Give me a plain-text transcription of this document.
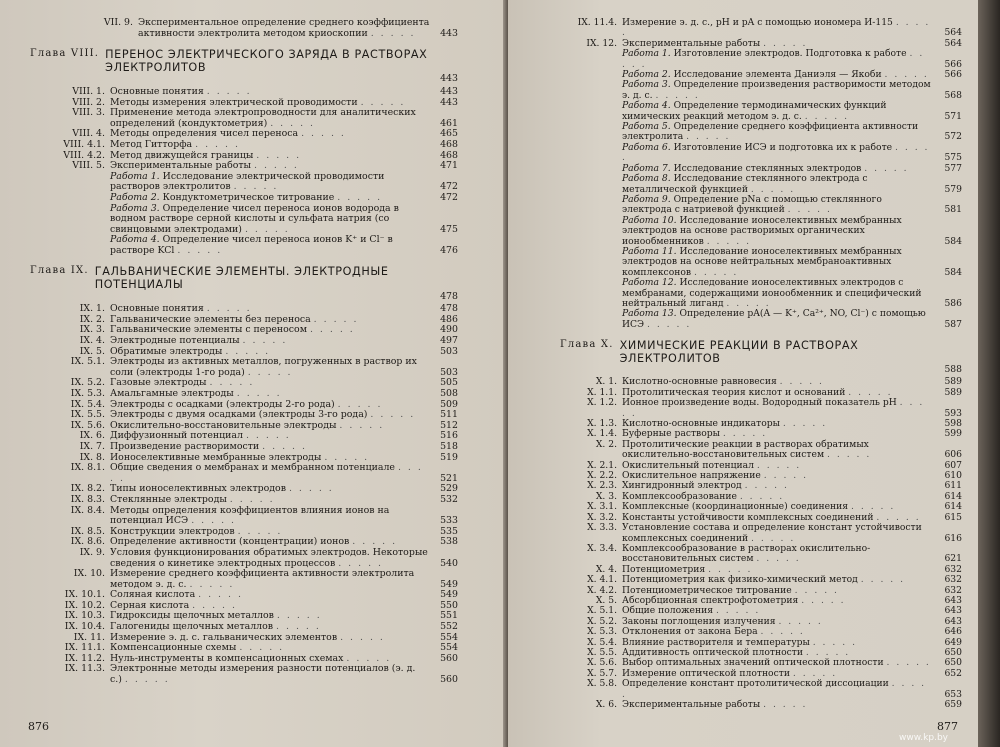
VII. 9. Экспериментальное определение среднего коэффициента активности электролита методом криоскопии . . . . .	443
Глава VIII. ПЕРЕНОС ЭЛЕКТРИЧЕСКОГО ЗАРЯДА В РАСТВОРАХ ЭЛЕКТРОЛИТОВ
443
VIII. 1. Основные понятия . . . . .	443
VIII. 2. Методы измерения электрической проводимости . . . . .	443
VIII. 3. Применение метода электропроводности для аналитических определений (кондуктометрия) . . . . .	461
VIII. 4. Методы определения чисел переноса . . . . .	465
VIII. 4.1. Метод Гитторфа . . . . .	468
VIII. 4.2. Метод движущейся границы . . . . .	468
VIII. 5. Экспериментальные работы . . . . .	471
Работа 1. Исследование электрической проводимости растворов электролитов . . . . .	472
Работа 2. Кондуктометрическое титрование . . . . .	472
Работа 3. Определение чисел переноса ионов водорода в водном растворе серной кислоты и сульфата натрия (со свинцовыми электродами) . . . . .	475
Работа 4. Определение чисел переноса ионов K⁺ и Cl⁻ в растворе KCl . . . . .	476
Глава IX. ГАЛЬВАНИЧЕСКИЕ ЭЛЕМЕНТЫ. ЭЛЕКТРОДНЫЕ ПОТЕНЦИАЛЫ
478
IX. 1. Основные понятия . . . . .	478
IX. 2. Гальванические элементы без переноса . . . . .	486
IX. 3. Гальванические элементы с переносом . . . . .	490
IX. 4. Электродные потенциалы . . . . .	497
IX. 5. Обратимые электроды . . . . .	503
IX. 5.1. Электроды из активных металлов, погруженных в раствор их соли (электроды 1-го рода) . . . . .	503
IX. 5.2. Газовые электроды . . . . .	505
IX. 5.3. Амальгамные электроды . . . . .	508
IX. 5.4. Электроды с осадками (электроды 2-го рода) . . . . .	509
IX. 5.5. Электроды с двумя осадками (электроды 3-го рода) . . . . .	511
IX. 5.6. Окислительно-восстановительные электроды . . . . .	512
IX. 6. Диффузионный потенциал . . . . .	516
IX. 7. Произведение растворимости . . . . .	518
IX. 8. Ионоселективные мембранные электроды . . . . .	519
IX. 8.1. Общие сведения о мембранах и мембранном потенциале . . . . .	521
IX. 8.2. Типы ионоселективных электродов . . . . .	529
IX. 8.3. Стеклянные электроды . . . . .	532
IX. 8.4. Методы определения коэффициентов влияния ионов на потенциал ИСЭ . . . . .	533
IX. 8.5. Конструкции электродов . . . . .	535
IX. 8.6. Определение активности (концентрации) ионов . . . . .	538
IX. 9. Условия функционирования обратимых электродов. Некоторые сведения о кинетике электродных процессов . . . . .	540
IX. 10. Измерение среднего коэффициента активности электролита методом э. д. с. . . . . .	549
IX. 10.1. Соляная кислота . . . . .	549
IX. 10.2. Серная кислота . . . . .	550
IX. 10.3. Гидроксиды щелочных металлов . . . . .	551
IX. 10.4. Галогениды щелочных металлов . . . . .	552
IX. 11. Измерение э. д. с. гальванических элементов . . . . .	554
IX. 11.1. Компенсационные схемы . . . . .	554
IX. 11.2. Нуль-инструменты в компенсационных схемах . . . . .	560
IX. 11.3. Электронные методы измерения разности потенциалов (э. д. с.) . . . . .	560
876
IX. 11.4. Измерение э. д. с., pH и pA с помощью иономера И-115 . . . . .	564
IX. 12. Экспериментальные работы . . . . .	564
Работа 1. Изготовление электродов. Подготовка к работе . . . . .	566
Работа 2. Исследование элемента Даниэля — Якоби . . . . .	566
Работа 3. Определение произведения растворимости методом э. д. с. . . . . .	568
Работа 4. Определение термодинамических функций химических реакций методом э. д. с. . . . . .	571
Работа 5. Определение среднего коэффициента активности электролита . . . . .	572
Работа 6. Изготовление ИСЭ и подготовка их к работе . . . . .	575
Работа 7. Исследование стеклянных электродов . . . . .	577
Работа 8. Исследование стеклянного электрода с металлической функцией . . . . .	579
Работа 9. Определение pNa с помощью стеклянного электрода с натриевой функцией . . . . .	581
Работа 10. Исследование ионоселективных мембранных электродов на основе растворимых органических ионообменников . . . . .	584
Работа 11. Исследование ионоселективных мембранных электродов на основе нейтральных мембраноактивных комплексонов . . . . .	584
Работа 12. Исследование ионоселективных электродов с мембранами, содержащими ионообменник и специфический нейтральный лиганд . . . . .	586
Работа 13. Определение pA(A — K⁺, Ca²⁺, NO, Cl⁻) с помощью ИСЭ . . . . .	587
Глава X. ХИМИЧЕСКИЕ РЕАКЦИИ В РАСТВОРАХ ЭЛЕКТРОЛИТОВ
588
X. 1. Кислотно-основные равновесия . . . . .	589
X. 1.1. Протолитическая теория кислот и оснований . . . . .	589
X. 1.2. Ионное произведение воды. Водородный показатель pH . . . . .	593
X. 1.3. Кислотно-основные индикаторы . . . . .	598
X. 1.4. Буферные растворы . . . . .	599
X. 2. Протолитические реакции в растворах обратимых окислительно-восстановительных систем . . . . .	606
X. 2.1. Окислительный потенциал . . . . .	607
X. 2.2. Окислительное напряжение . . . . .	610
X. 2.3. Хингидронный электрод . . . . .	611
X. 3. Комплексообразование . . . . .	614
X. 3.1. Комплексные (координационные) соединения . . . . .	614
X. 3.2. Константы устойчивости комплексных соединений . . . . .	615
X. 3.3. Установление состава и определение констант устойчивости комплексных соединений . . . . .	616
X. 3.4. Комплексообразование в растворах окислительно-восстановительных систем . . . . .	621
X. 4. Потенциометрия . . . . .	632
X. 4.1. Потенциометрия как физико-химический метод . . . . .	632
X. 4.2. Потенциометрическое титрование . . . . .	632
X. 5. Абсорбционная спектрофотометрия . . . . .	643
X. 5.1. Общие положения . . . . .	643
X. 5.2. Законы поглощения излучения . . . . .	643
X. 5.3. Отклонения от закона Бера . . . . .	646
X. 5.4. Влияние растворителя и температуры . . . . .	649
X. 5.5. Аддитивность оптической плотности . . . . .	650
X. 5.6. Выбор оптимальных значений оптической плотности . . . . .	650
X. 5.7. Измерение оптической плотности . . . . .	652
X. 5.8. Определение констант протолитической диссоциации . . . . .	653
X. 6. Экспериментальные работы . . . . .	659
877
www.kp.by
